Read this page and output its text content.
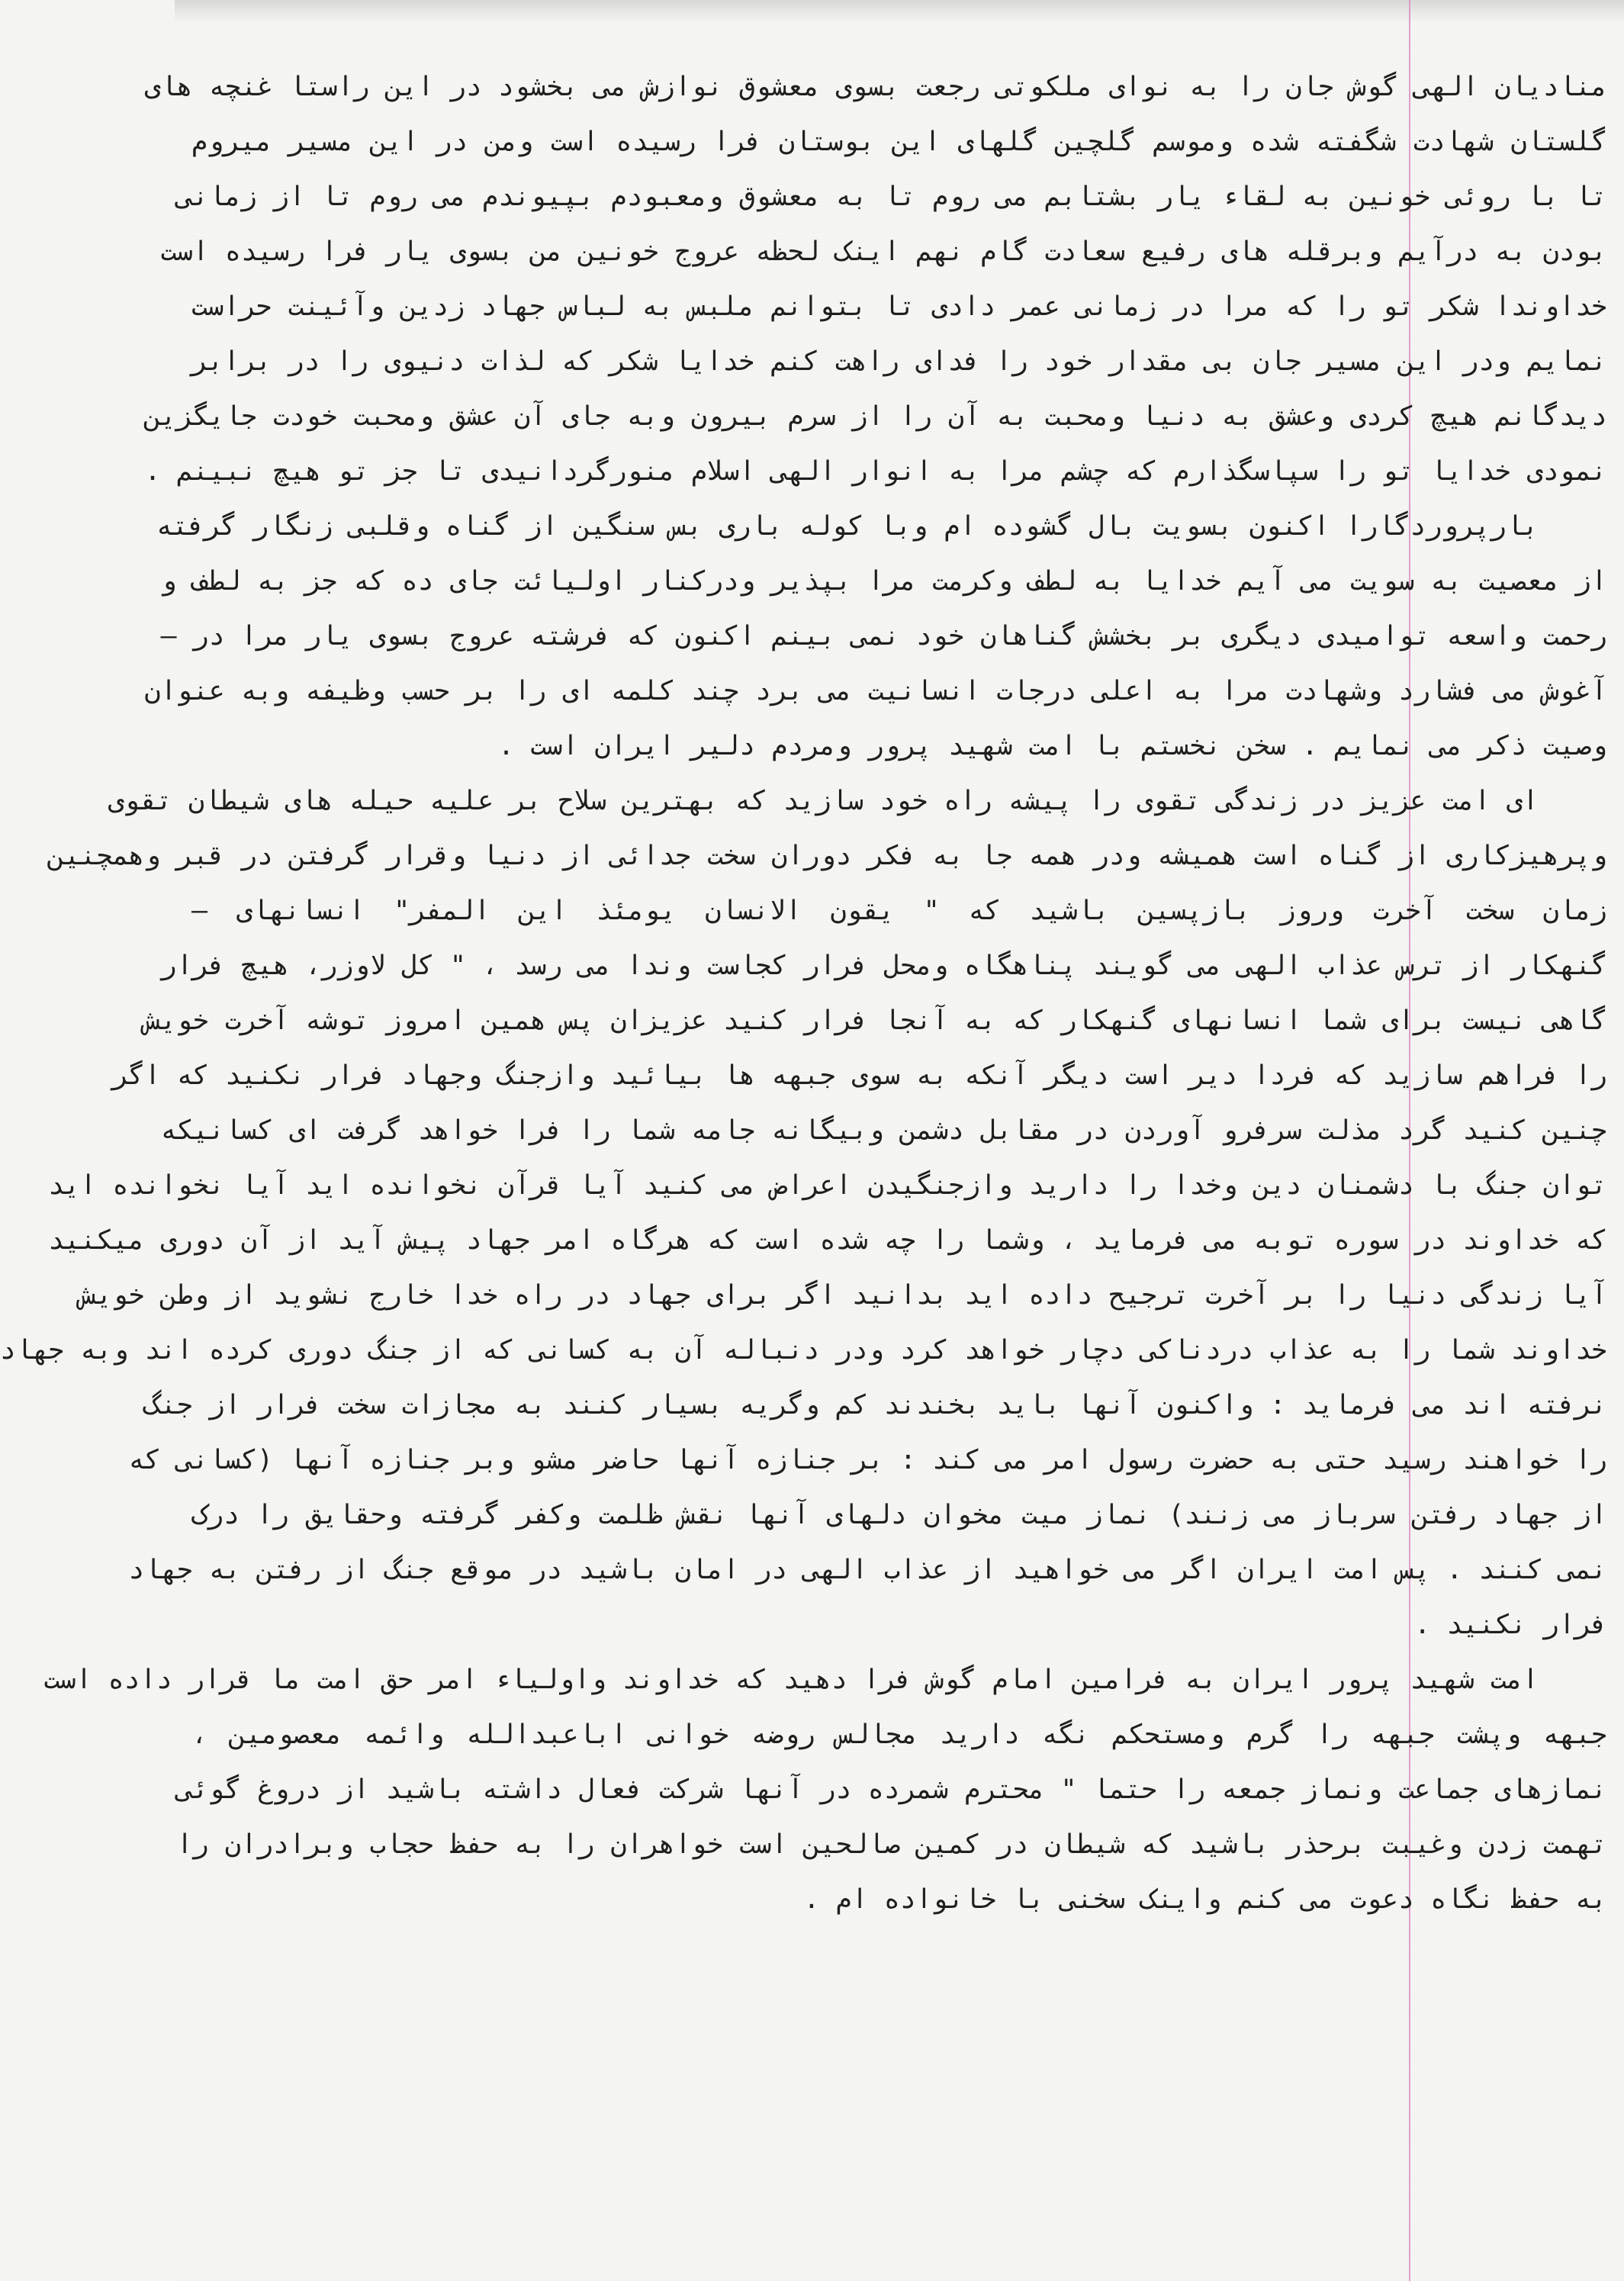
منادیان الهی گوش جان را به نوای ملکوتی رجعت بسوی معشوق نوازش می بخشود در این راستا غنچه های
گلستان شهادت شگفته شده وموسم گلچین گلهای این بوستان فرا رسیده است ومن در این مسیر میروم
تا با روئی خونین به لقاء یار بشتابم می روم تا به معشوق ومعبودم بپیوندم می روم تا از زمانی
بودن به درآیم وبرقله های رفیع سعادت گام نهم اینک لحظه عروج خونین من بسوی یار فرا رسیده است
خداوندا شکر تو را که مرا در زمانی عمر دادی تا بتوانم ملبس به لباس جهاد زدین وآئینت حراست
نمایم ودر این مسیر جان بی مقدار خود را فدای راهت کنم خدایا شکر که لذات دنیوی را در برابر
دیدگانم هیچ کردی وعشق به دنیا ومحبت به آن را از سرم بیرون وبه جای آن عشق ومحبت خودت جایگزین
نمودی خدایا تو را سپاسگذارم که چشم مرا به انوار الهی اسلام منورگردانیدی تا جز تو هیچ نبینم .
بارپروردگارا اکنون بسویت بال گشوده ام وبا کوله باری بس سنگین از گناه وقلبی زنگار گرفته
از معصیت به سویت می آیم خدایا به لطف وکرمت مرا بپذیر ودرکنار اولیائت جای ده که جز به لطف و
رحمت واسعه توامیدی دیگری بر بخشش گناهان خود نمی بینم اکنون که فرشته عروج بسوی یار مرا در –
آغوش می فشارد وشهادت مرا به اعلی درجات انسانیت می برد چند کلمه ای را بر حسب وظیفه وبه عنوان
وصیت ذکر می نمایم . سخن نخستم با امت شهید پرور ومردم دلیر ایران است .
ای امت عزیز در زندگی تقوی را پیشه راه خود سازید که بهترین سلاح بر علیه حیله های شیطان تقوی
وپرهیزکاری از گناه است همیشه ودر همه جا به فکر دوران سخت جدائی از دنیا وقرار گرفتن در قبر وهمچنین
زمان سخت آخرت وروز بازپسین باشید که " یقون الانسان یومئذ این المفر" انسانهای –
گنهکار از ترس عذاب الهی می گویند پناهگاه ومحل فرار کجاست وندا می رسد ، " کل لاوزر، هیچ فرار
گاهی نیست برای شما انسانهای گنهکار که به آنجا فرار کنید عزیزان پس همین امروز توشه آخرت خویش
را فراهم سازید که فردا دیر است دیگر آنکه به سوی جبهه ها بیائید وازجنگ وجهاد فرار نکنید که اگر
چنین کنید گرد مذلت سرفرو آوردن در مقابل دشمن وبیگانه جامه شما را فرا خواهد گرفت ای کسانیکه
توان جنگ با دشمنان دین وخدا را دارید وازجنگیدن اعراض می کنید آیا قرآن نخوانده اید آیا نخوانده اید
که خداوند در سوره توبه می فرماید ، وشما را چه شده است که هرگاه امر جهاد پیش آید از آن دوری میکنید
آیا زندگی دنیا را بر آخرت ترجیح داده اید بدانید اگر برای جهاد در راه خدا خارج نشوید از وطن خویش
خداوند شما را به عذاب دردناکی دچار خواهد کرد ودر دنباله آن به کسانی که از جنگ دوری کرده اند وبه جهاد
نرفته اند می فرماید : واکنون آنها باید بخندند کم وگریه بسیار کنند به مجازات سخت فرار از جنگ
را خواهند رسید حتی به حضرت رسول امر می کند : بر جنازه آنها حاضر مشو وبر جنازه آنها (کسانی که
از جهاد رفتن سرباز می زنند) نماز میت مخوان دلهای آنها نقش ظلمت وکفر گرفته وحقایق را درک
نمی کنند . پس امت ایران اگر می خواهید از عذاب الهی در امان باشید در موقع جنگ از رفتن به جهاد
فرار نکنید .
امت شهید پرور ایران به فرامین امام گوش فرا دهید که خداوند واولیاء امر حق امت ما قرار داده است
جبهه وپشت جبهه را گرم ومستحکم نگه دارید مجالس روضه خوانی اباعبدالله وائمه معصومین ،
نمازهای جماعت ونماز جمعه را حتما " محترم شمرده در آنها شرکت فعال داشته باشید از دروغ گوئی
تهمت زدن وغیبت برحذر باشید که شیطان در کمین صالحین است خواهران را به حفظ حجاب وبرادران را
به حفظ نگاه دعوت می کنم واینک سخنی با خانواده ام .
